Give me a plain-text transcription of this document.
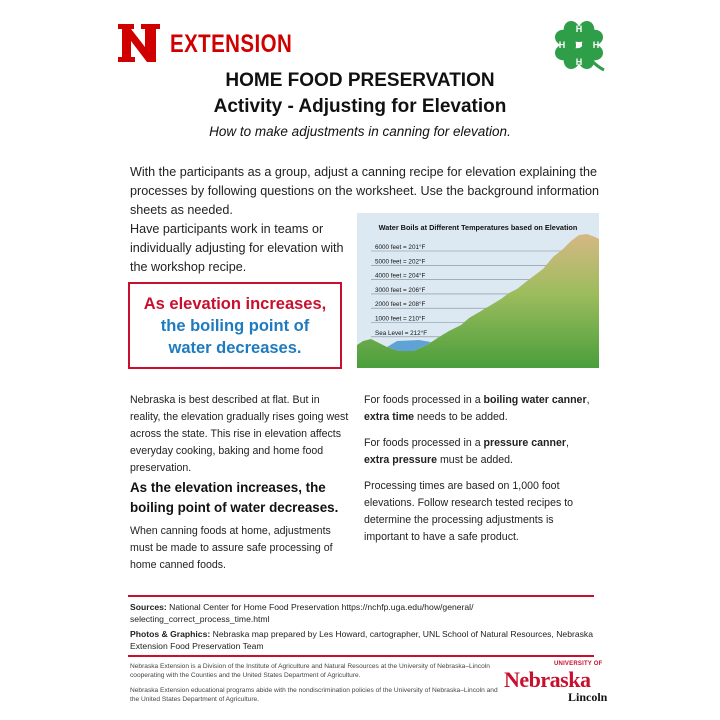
EXTENSION
H
H
H	H
HOME FOOD PRESERVATION
Activity - Adjusting for Elevation
How to make adjustments in canning for elevation.
With the participants as a group, adjust a canning recipe for elevation explaining the processes by following questions on the worksheet. Use the background information sheets as needed.
Have participants work in teams or individually adjusting for elevation with the workshop recipe.
As elevation increases,
the boiling point of
water decreases.
Water Boils at Different Temperatures based on Elevation
6000 feet = 201°F
5000 feet = 202°F
4000 feet = 204°F
3000 feet = 206°F
2000 feet = 208°F
1000 feet = 210°F
Sea Level = 212°F
Nebraska is best described at flat. But in reality, the elevation gradually rises going west across the state. This rise in elevation affects everyday cooking, baking and home food preservation.
As the elevation increases, the boiling point of water decreases.
When canning foods at home, adjustments must be made to assure safe processing of home canned foods.

For foods processed in a boiling water canner, extra time needs to be added.

For foods processed in a pressure canner, extra pressure must be added.

Processing times are based on 1,000 foot elevations. Follow research tested recipes to determine the processing adjustments is important to have a safe product.

Sources: National Center for Home Food Preservation https://nchfp.uga.edu/how/general/ selecting_correct_process_time.html
Photos & Graphics: Nebraska map prepared by Les Howard, cartographer, UNL School of Natural Resources, Nebraska Extension Food Preservation Team
Nebraska Extension is a Division of the Institute of Agriculture and Natural Resources at the University of Nebraska–Lincoln cooperating with the Counties and the United States Department of Agriculture.
Nebraska Extension educational programs abide with the nondiscrimination policies of the University of Nebraska–Lincoln and the United States Department of Agriculture.
UNIVERSITY OF
Nebraska
Lincoln
